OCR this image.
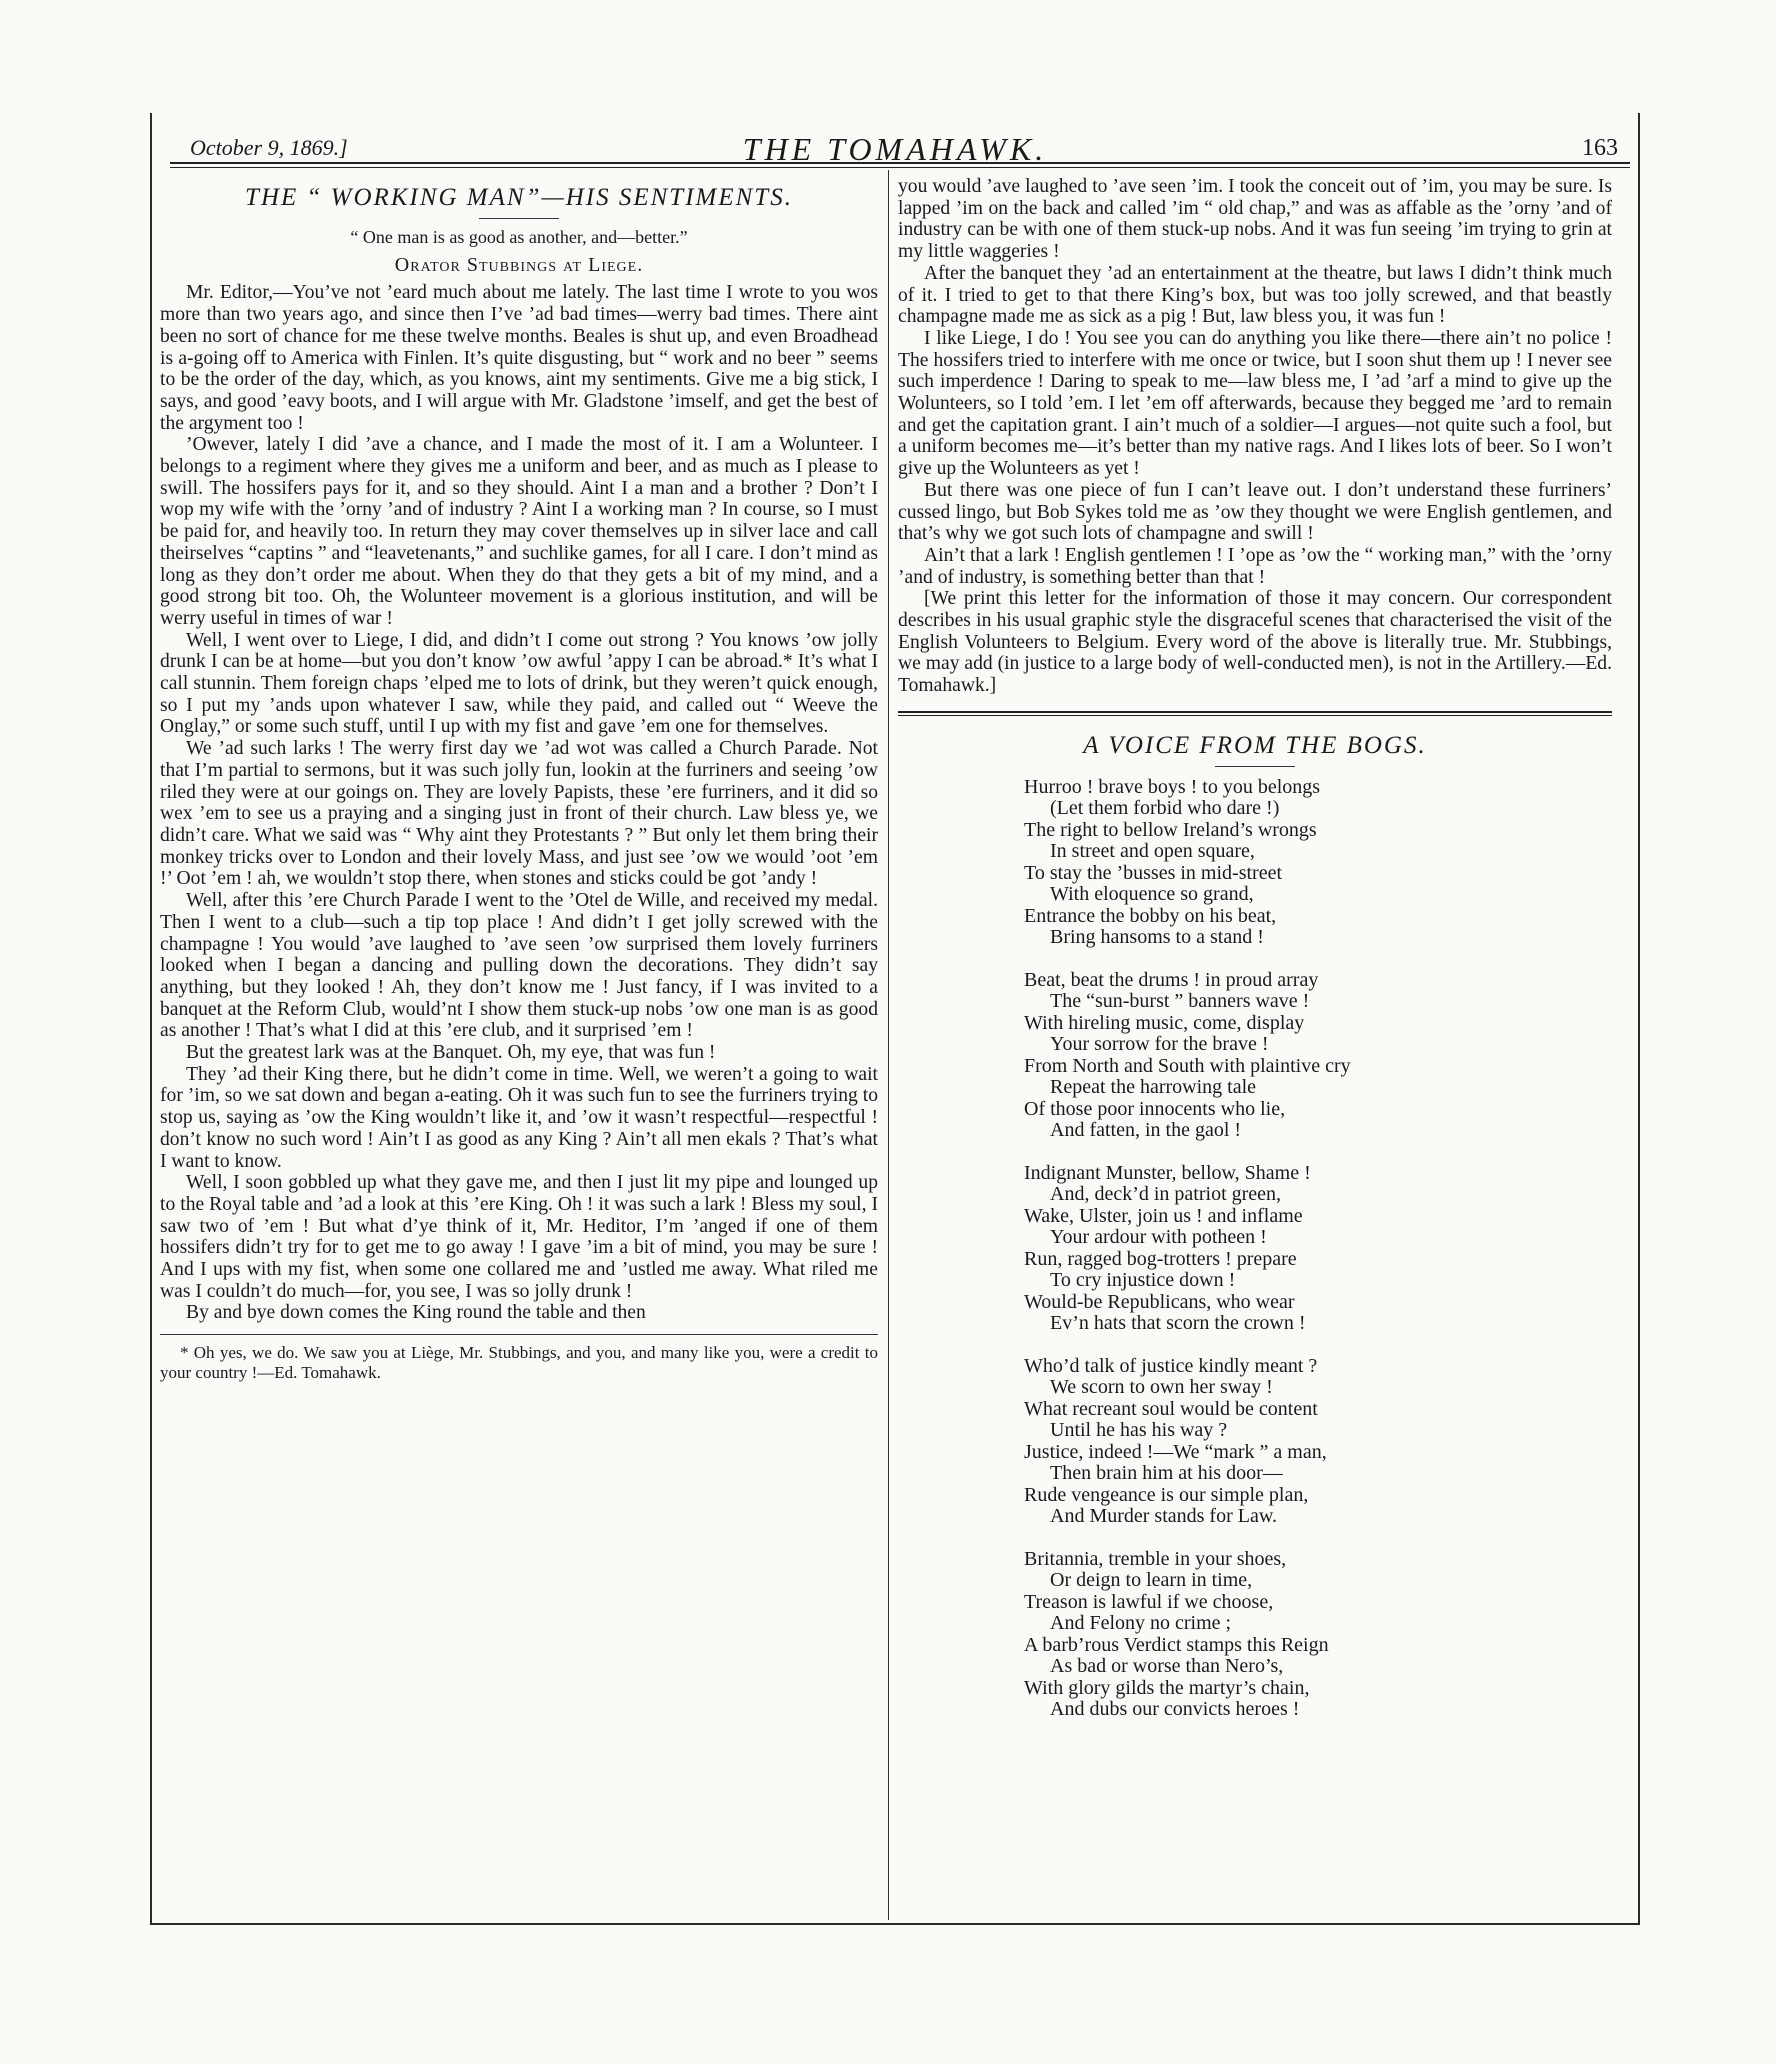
October 9, 1869.]	THE TOMAHAWK.	163
THE “ WORKING MAN”—HIS SENTIMENTS.
“ One man is as good as another, and—better.”
Orator Stubbings at Liege.

Mr. Editor,—You’ve not ’eard much about me lately. The last time I wrote to you wos more than two years ago, and since then I’ve ’ad bad times—werry bad times. There aint been no sort of chance for me these twelve months. Beales is shut up, and even Broadhead is a-going off to America with Finlen. It’s quite disgusting, but “ work and no beer ” seems to be the order of the day, which, as you knows, aint my sentiments. Give me a big stick, I says, and good ’eavy boots, and I will argue with Mr. Gladstone ’imself, and get the best of the argyment too !

’Owever, lately I did ’ave a chance, and I made the most of it. I am a Wolunteer. I belongs to a regiment where they gives me a uniform and beer, and as much as I please to swill. The hossifers pays for it, and so they should. Aint I a man and a brother ? Don’t I wop my wife with the ’orny ’and of industry ? Aint I a working man ? In course, so I must be paid for, and heavily too. In return they may cover themselves up in silver lace and call theirselves “captins ” and “leavetenants,” and suchlike games, for all I care. I don’t mind as long as they don’t order me about. When they do that they gets a bit of my mind, and a good strong bit too. Oh, the Wolunteer movement is a glorious institution, and will be werry useful in times of war !

Well, I went over to Liege, I did, and didn’t I come out strong ? You knows ’ow jolly drunk I can be at home—but you don’t know ’ow awful ’appy I can be abroad.* It’s what I call stunnin. Them foreign chaps ’elped me to lots of drink, but they weren’t quick enough, so I put my ’ands upon whatever I saw, while they paid, and called out “ Weeve the Onglay,” or some such stuff, until I up with my fist and gave ’em one for themselves.

We ’ad such larks ! The werry first day we ’ad wot was called a Church Parade. Not that I’m partial to sermons, but it was such jolly fun, lookin at the furriners and seeing ’ow riled they were at our goings on. They are lovely Papists, these ’ere furriners, and it did so wex ’em to see us a praying and a singing just in front of their church. Law bless ye, we didn’t care. What we said was “ Why aint they Protestants ? ” But only let them bring their monkey tricks over to London and their lovely Mass, and just see ’ow we would ’oot ’em !’ Oot ’em ! ah, we wouldn’t stop there, when stones and sticks could be got ’andy !

Well, after this ’ere Church Parade I went to the ’Otel de Wille, and received my medal. Then I went to a club—such a tip top place ! And didn’t I get jolly screwed with the champagne ! You would ’ave laughed to ’ave seen ’ow surprised them lovely furriners looked when I began a dancing and pulling down the decorations. They didn’t say anything, but they looked ! Ah, they don’t know me ! Just fancy, if I was invited to a banquet at the Reform Club, would’nt I show them stuck-up nobs ’ow one man is as good as another ! That’s what I did at this ’ere club, and it surprised ’em !

But the greatest lark was at the Banquet. Oh, my eye, that was fun !

They ’ad their King there, but he didn’t come in time. Well, we weren’t a going to wait for ’im, so we sat down and began a-eating. Oh it was such fun to see the furriners trying to stop us, saying as ’ow the King wouldn’t like it, and ’ow it wasn’t respectful—respectful ! don’t know no such word ! Ain’t I as good as any King ? Ain’t all men ekals ? That’s what I want to know.

Well, I soon gobbled up what they gave me, and then I just lit my pipe and lounged up to the Royal table and ’ad a look at this ’ere King. Oh ! it was such a lark ! Bless my soul, I saw two of ’em ! But what d’ye think of it, Mr. Heditor, I’m ’anged if one of them hossifers didn’t try for to get me to go away ! I gave ’im a bit of mind, you may be sure ! And I ups with my fist, when some one collared me and ’ustled me away. What riled me was I couldn’t do much—for, you see, I was so jolly drunk !

By and bye down comes the King round the table and then

* Oh yes, we do. We saw you at Liège, Mr. Stubbings, and you, and many like you, were a credit to your country !—Ed. Tomahawk.

you would ’ave laughed to ’ave seen ’im. I took the conceit out of ’im, you may be sure. Is lapped ’im on the back and called ’im “ old chap,” and was as affable as the ’orny ’and of industry can be with one of them stuck-up nobs. And it was fun seeing ’im trying to grin at my little waggeries !

After the banquet they ’ad an entertainment at the theatre, but laws I didn’t think much of it. I tried to get to that there King’s box, but was too jolly screwed, and that beastly champagne made me as sick as a pig ! But, law bless you, it was fun !

I like Liege, I do ! You see you can do anything you like there—there ain’t no police ! The hossifers tried to interfere with me once or twice, but I soon shut them up ! I never see such imperdence ! Daring to speak to me—law bless me, I ’ad ’arf a mind to give up the Wolunteers, so I told ’em. I let ’em off afterwards, because they begged me ’ard to remain and get the capitation grant. I ain’t much of a soldier—I argues—not quite such a fool, but a uniform becomes me—it’s better than my native rags. And I likes lots of beer. So I won’t give up the Wolunteers as yet !

But there was one piece of fun I can’t leave out. I don’t understand these furriners’ cussed lingo, but Bob Sykes told me as ’ow they thought we were English gentlemen, and that’s why we got such lots of champagne and swill !

Ain’t that a lark ! English gentlemen ! I ’ope as ’ow the “ working man,” with the ’orny ’and of industry, is something better than that !

[We print this letter for the information of those it may concern. Our correspondent describes in his usual graphic style the disgraceful scenes that characterised the visit of the English Volunteers to Belgium. Every word of the above is literally true. Mr. Stubbings, we may add (in justice to a large body of well-conducted men), is not in the Artillery.—Ed. Tomahawk.]

A VOICE FROM THE BOGS.
Hurroo ! brave boys ! to you belongs
(Let them forbid who dare !)
The right to bellow Ireland’s wrongs
In street and open square,
To stay the ’busses in mid-street
With eloquence so grand,
Entrance the bobby on his beat,
Bring hansoms to a stand !
Beat, beat the drums ! in proud array
The “sun-burst ” banners wave !
With hireling music, come, display
Your sorrow for the brave !
From North and South with plaintive cry
Repeat the harrowing tale
Of those poor innocents who lie,
And fatten, in the gaol !
Indignant Munster, bellow, Shame !
And, deck’d in patriot green,
Wake, Ulster, join us ! and inflame
Your ardour with potheen !
Run, ragged bog-trotters ! prepare
To cry injustice down !
Would-be Republicans, who wear
Ev’n hats that scorn the crown !
Who’d talk of justice kindly meant ?
We scorn to own her sway !
What recreant soul would be content
Until he has his way ?
Justice, indeed !—We “mark ” a man,
Then brain him at his door—
Rude vengeance is our simple plan,
And Murder stands for Law.
Britannia, tremble in your shoes,
Or deign to learn in time,
Treason is lawful if we choose,
And Felony no crime ;
A barb’rous Verdict stamps this Reign
As bad or worse than Nero’s,
With glory gilds the martyr’s chain,
And dubs our convicts heroes !
